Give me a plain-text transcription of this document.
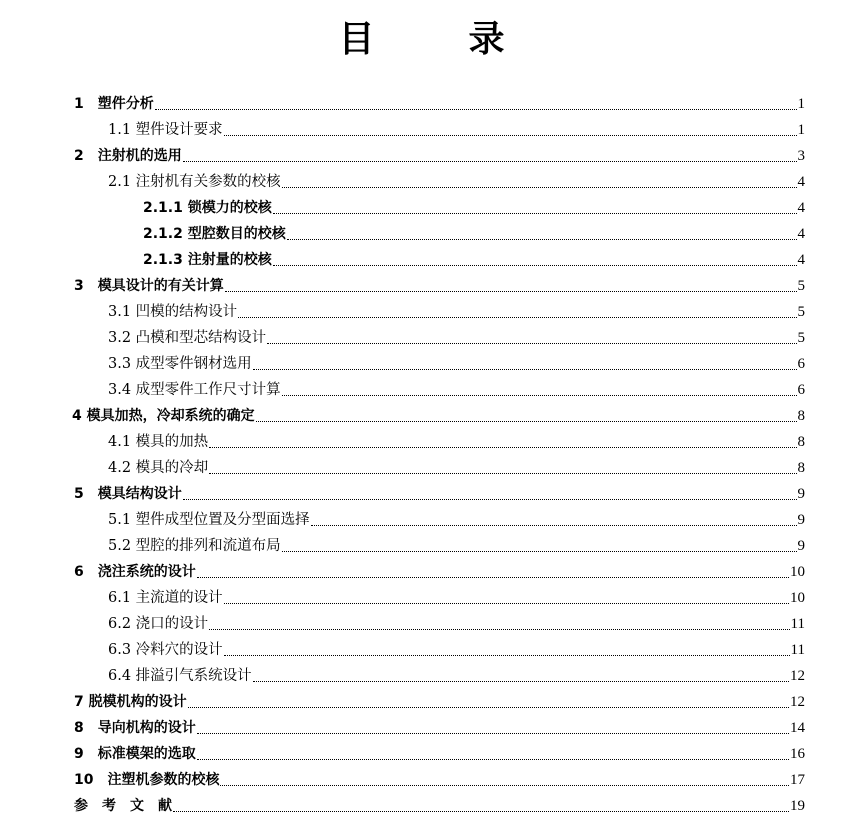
目	录
1　塑件分析	1
1.1 塑件设计要求	1
2　注射机的选用	3
2.1 注射机有关参数的校核	4
2.1.1 锁模力的校核	4
2.1.2 型腔数目的校核	4
2.1.3 注射量的校核	4
3　模具设计的有关计算	5
3.1 凹模的结构设计	5
3.2 凸模和型芯结构设计	5
3.3 成型零件钢材选用	6
3.4 成型零件工作尺寸计算	6
4 模具加热，冷却系统的确定	8
4.1 模具的加热	8
4.2 模具的冷却	8
5　模具结构设计	9
5.1 塑件成型位置及分型面选择	9
5.2 型腔的排列和流道布局	9
6　浇注系统的设计	10
6.1 主流道的设计	10
6.2 浇口的设计	11
6.3 冷料穴的设计	11
6.4 排溢引气系统设计	12
7 脱模机构的设计	12
8　导向机构的设计	14
9　标准模架的选取	16
10　注塑机参数的校核	17
参　考　文　献	19
